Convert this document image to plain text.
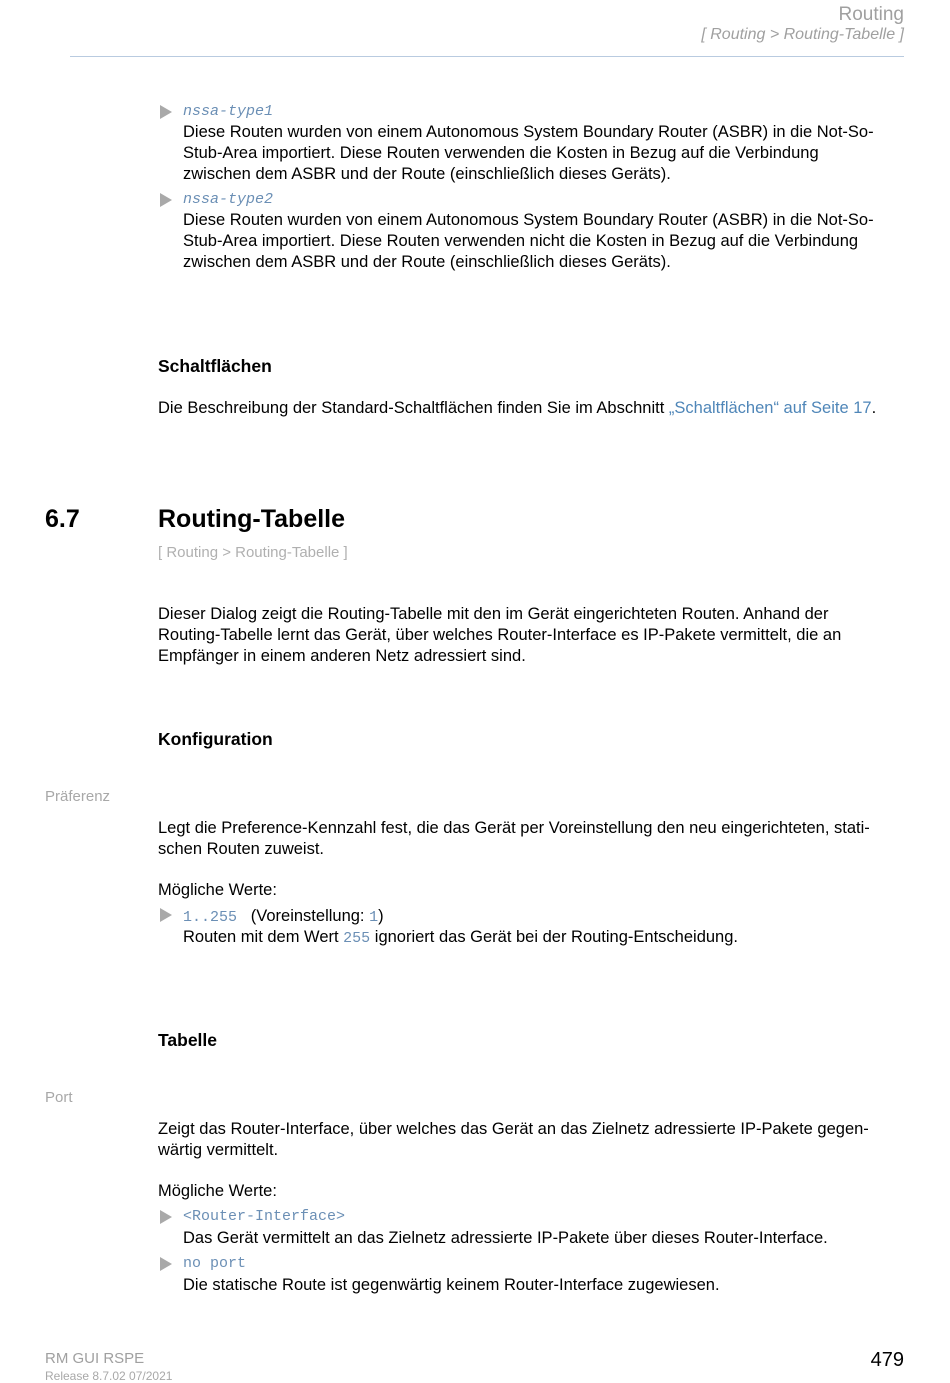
Routing
[ Routing > Routing-Tabelle ]
nssa-type1
Diese Routen wurden von einem Autonomous System Boundary Router (ASBR) in die Not-So-
Stub-Area importiert. Diese Routen verwenden die Kosten in Bezug auf die Verbindung
zwischen dem ASBR und der Route (einschließlich dieses Geräts).
nssa-type2
Diese Routen wurden von einem Autonomous System Boundary Router (ASBR) in die Not-So-
Stub-Area importiert. Diese Routen verwenden nicht die Kosten in Bezug auf die Verbindung
zwischen dem ASBR und der Route (einschließlich dieses Geräts).
Schaltflächen
Die Beschreibung der Standard-Schaltflächen finden Sie im Abschnitt „Schaltflächen“ auf Seite 17.
6.7	Routing-Tabelle
[ Routing > Routing-Tabelle ]
Dieser Dialog zeigt die Routing-Tabelle mit den im Gerät eingerichteten Routen. Anhand der
Routing-Tabelle lernt das Gerät, über welches Router-Interface es IP-Pakete vermittelt, die an
Empfänger in einem anderen Netz adressiert sind.
Konfiguration
Präferenz
Legt die Preference-Kennzahl fest, die das Gerät per Voreinstellung den neu eingerichteten, stati-
schen Routen zuweist.
Mögliche Werte:
1..255 (Voreinstellung: 1)
Routen mit dem Wert 255 ignoriert das Gerät bei der Routing-Entscheidung.
Tabelle
Port
Zeigt das Router-Interface, über welches das Gerät an das Zielnetz adressierte IP-Pakete gegen-
wärtig vermittelt.
Mögliche Werte:
<Router-Interface>
Das Gerät vermittelt an das Zielnetz adressierte IP-Pakete über dieses Router-Interface.
no port
Die statische Route ist gegenwärtig keinem Router-Interface zugewiesen.
RM GUI RSPE
Release 8.7.02 07/2021
479
